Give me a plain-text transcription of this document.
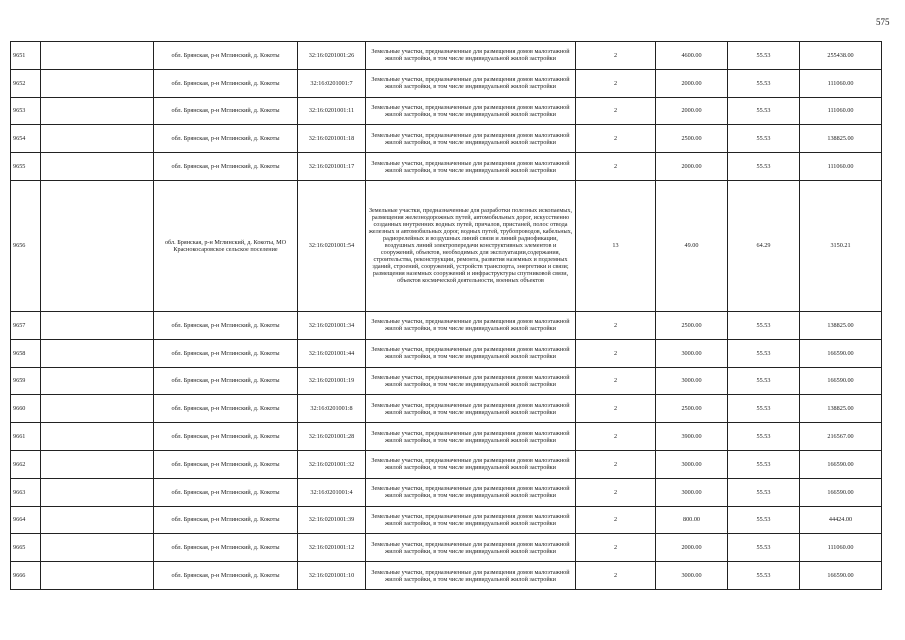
575
9651		обл. Брянская, р-н Мглинский, д. Кокоты	32:16:0201001:26	Земельные участки, предназначенные для размещения домов малоэтажной жилой застройки, в том числе индивидуальной жилой застройки	2	4600.00	55.53	255438.00

9652		обл. Брянская, р-н Мглинский, д. Кокоты	32:16:0201001:7	Земельные участки, предназначенные для размещения домов малоэтажной жилой застройки, в том числе индивидуальной жилой застройки	2	2000.00	55.53	111060.00

9653		обл. Брянская, р-н Мглинский, д. Кокоты	32:16:0201001:11	Земельные участки, предназначенные для размещения домов малоэтажной жилой застройки, в том числе индивидуальной жилой застройки	2	2000.00	55.53	111060.00

9654		обл. Брянская, р-н Мглинский, д. Кокоты	32:16:0201001:18	Земельные участки, предназначенные для размещения домов малоэтажной жилой застройки, в том числе индивидуальной жилой застройки	2	2500.00	55.53	138825.00

9655		обл. Брянская, р-н Мглинский, д. Кокоты	32:16:0201001:17	Земельные участки, предназначенные для размещения домов малоэтажной жилой застройки, в том числе индивидуальной жилой застройки	2	2000.00	55.53	111060.00

9656		обл. Брянская, р-н Мглинский, д. Кокоты, МО Краснокосаровское сельское поселение	32:16:0201001:54	Земельные участки, предназначенные для разработки полезных ископаемых, размещения железнодорожных путей, автомобильных дорог, искусственно созданных внутренних водных путей, причалов, пристаней, полос отвода железных и автомобильных дорог, водных путей, трубопроводов, кабельных, радиорелейных и воздушных линий связи и линий радиофикации, воздушных линий электропередачи конструктивных элементов и сооружений, объектов, необходимых для эксплуатации,содержания, строительства, реконструкции, ремонта, развития наземных и подземных зданий, строений, сооружений, устройств транспорта, энергетики и связи; размещения наземных сооружений и инфраструктуры спутниковой связи, объектов космической деятельности, военных объектов	13	49.00	64.29	3150.21

9657		обл. Брянская, р-н Мглинский, д. Кокоты	32:16:0201001:34	Земельные участки, предназначенные для размещения домов малоэтажной жилой застройки, в том числе индивидуальной жилой застройки	2	2500.00	55.53	138825.00

9658		обл. Брянская, р-н Мглинский, д. Кокоты	32:16:0201001:44	Земельные участки, предназначенные для размещения домов малоэтажной жилой застройки, в том числе индивидуальной жилой застройки	2	3000.00	55.53	166590.00

9659		обл. Брянская, р-н Мглинский, д. Кокоты	32:16:0201001:19	Земельные участки, предназначенные для размещения домов малоэтажной жилой застройки, в том числе индивидуальной жилой застройки	2	3000.00	55.53	166590.00

9660		обл. Брянская, р-н Мглинский, д. Кокоты	32:16:0201001:8	Земельные участки, предназначенные для размещения домов малоэтажной жилой застройки, в том числе индивидуальной жилой застройки	2	2500.00	55.53	138825.00

9661		обл. Брянская, р-н Мглинский, д. Кокоты	32:16:0201001:28	Земельные участки, предназначенные для размещения домов малоэтажной жилой застройки, в том числе индивидуальной жилой застройки	2	3900.00	55.53	216567.00

9662		обл. Брянская, р-н Мглинский, д. Кокоты	32:16:0201001:32	Земельные участки, предназначенные для размещения домов малоэтажной жилой застройки, в том числе индивидуальной жилой застройки	2	3000.00	55.53	166590.00

9663		обл. Брянская, р-н Мглинский, д. Кокоты	32:16:0201001:4	Земельные участки, предназначенные для размещения домов малоэтажной жилой застройки, в том числе индивидуальной жилой застройки	2	3000.00	55.53	166590.00

9664		обл. Брянская, р-н Мглинский, д. Кокоты	32:16:0201001:39	Земельные участки, предназначенные для размещения домов малоэтажной жилой застройки, в том числе индивидуальной жилой застройки	2	800.00	55.53	44424.00

9665		обл. Брянская, р-н Мглинский, д. Кокоты	32:16:0201001:12	Земельные участки, предназначенные для размещения домов малоэтажной жилой застройки, в том числе индивидуальной жилой застройки	2	2000.00	55.53	111060.00

9666		обл. Брянская, р-н Мглинский, д. Кокоты	32:16:0201001:10	Земельные участки, предназначенные для размещения домов малоэтажной жилой застройки, в том числе индивидуальной жилой застройки	2	3000.00	55.53	166590.00
